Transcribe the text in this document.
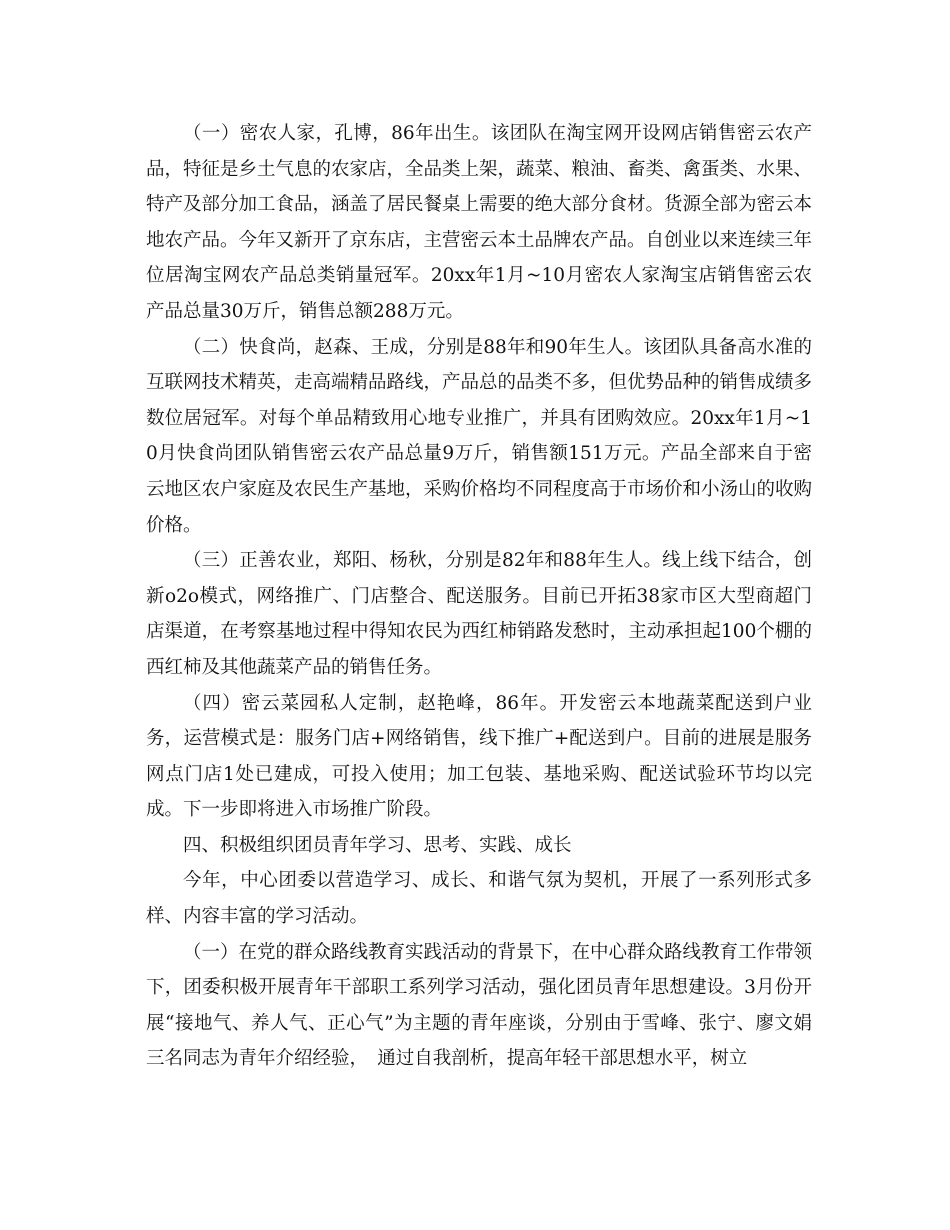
（一）密农人家，孔博，86年出生。该团队在淘宝网开设网店销售密云农产品，特征是乡土气息的农家店，全品类上架，蔬菜、粮油、畜类、禽蛋类、水果、特产及部分加工食品，涵盖了居民餐桌上需要的绝大部分食材。货源全部为密云本地农产品。今年又新开了京东店，主营密云本土品牌农产品。自创业以来连续三年位居淘宝网农产品总类销量冠军。20xx年1月~10月密农人家淘宝店销售密云农产品总量30万斤，销售总额288万元。

（二）快食尚，赵森、王成，分别是88年和90年生人。该团队具备高水准的互联网技术精英，走高端精品路线，产品总的品类不多，但优势品种的销售成绩多数位居冠军。对每个单品精致用心地专业推广，并具有团购效应。20xx年1月~10月快食尚团队销售密云农产品总量9万斤，销售额151万元。产品全部来自于密云地区农户家庭及农民生产基地，采购价格均不同程度高于市场价和小汤山的收购价格。

（三）正善农业，郑阳、杨秋，分别是82年和88年生人。线上线下结合，创新o2o模式，网络推广、门店整合、配送服务。目前已开拓38家市区大型商超门店渠道，在考察基地过程中得知农民为西红柿销路发愁时，主动承担起100个棚的西红柿及其他蔬菜产品的销售任务。

（四）密云菜园私人定制，赵艳峰，86年。开发密云本地蔬菜配送到户业务，运营模式是：服务门店+网络销售，线下推广+配送到户。目前的进展是服务网点门店1处已建成，可投入使用；加工包装、基地采购、配送试验环节均以完成。下一步即将进入市场推广阶段。

四、积极组织团员青年学习、思考、实践、成长

今年，中心团委以营造学习、成长、和谐气氛为契机，开展了一系列形式多样、内容丰富的学习活动。

（一）在党的群众路线教育实践活动的背景下，在中心群众路线教育工作带领下，团委积极开展青年干部职工系列学习活动，强化团员青年思想建设。3月份开展“接地气、养人气、正心气”为主题的青年座谈，分别由于雪峰、张宁、廖文娟三名同志为青年介绍经验，　通过自我剖析，提高年轻干部思想水平，树立
